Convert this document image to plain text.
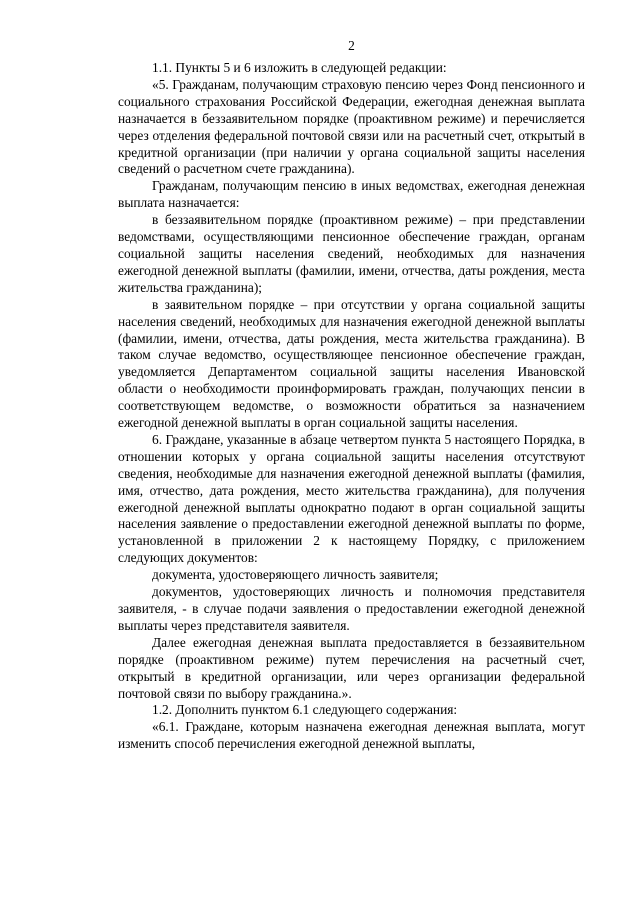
2

1.1. Пункты 5 и 6 изложить в следующей редакции:

«5. Гражданам, получающим страховую пенсию через Фонд пенсионного и социального страхования Российской Федерации, ежегодная денежная выплата назначается в беззаявительном порядке (проактивном режиме) и перечисляется через отделения федеральной почтовой связи или на расчетный счет, открытый в кредитной организации (при наличии у органа социальной защиты населения сведений о расчетном счете гражданина).

Гражданам, получающим пенсию в иных ведомствах, ежегодная денежная выплата назначается:

в беззаявительном порядке (проактивном режиме) – при представлении ведомствами, осуществляющими пенсионное обеспечение граждан, органам социальной защиты населения сведений, необходимых для назначения ежегодной денежной выплаты (фамилии, имени, отчества, даты рождения, места жительства гражданина);

в заявительном порядке – при отсутствии у органа социальной защиты населения сведений, необходимых для назначения ежегодной денежной выплаты (фамилии, имени, отчества, даты рождения, места жительства гражданина). В таком случае ведомство, осуществляющее пенсионное обеспечение граждан, уведомляется Департаментом социальной защиты населения Ивановской области о необходимости проинформировать граждан, получающих пенсии в соответствующем ведомстве, о возможности обратиться за назначением ежегодной денежной выплаты в орган социальной защиты населения.

6. Граждане, указанные в абзаце четвертом пункта 5 настоящего Порядка, в отношении которых у органа социальной защиты населения отсутствуют сведения, необходимые для назначения ежегодной денежной выплаты (фамилия, имя, отчество, дата рождения, место жительства гражданина), для получения ежегодной денежной выплаты однократно подают в орган социальной защиты населения заявление о предоставлении ежегодной денежной выплаты по форме, установленной в приложении 2 к настоящему Порядку, с приложением следующих документов:

документа, удостоверяющего личность заявителя;

документов, удостоверяющих личность и полномочия представителя заявителя, - в случае подачи заявления о предоставлении ежегодной денежной выплаты через представителя заявителя.

Далее ежегодная денежная выплата предоставляется в беззаявительном порядке (проактивном режиме) путем перечисления на расчетный счет, открытый в кредитной организации, или через организации федеральной почтовой связи по выбору гражданина.».

1.2. Дополнить пунктом 6.1 следующего содержания:

«6.1. Граждане, которым назначена ежегодная денежная выплата, могут изменить способ перечисления ежегодной денежной выплаты,
